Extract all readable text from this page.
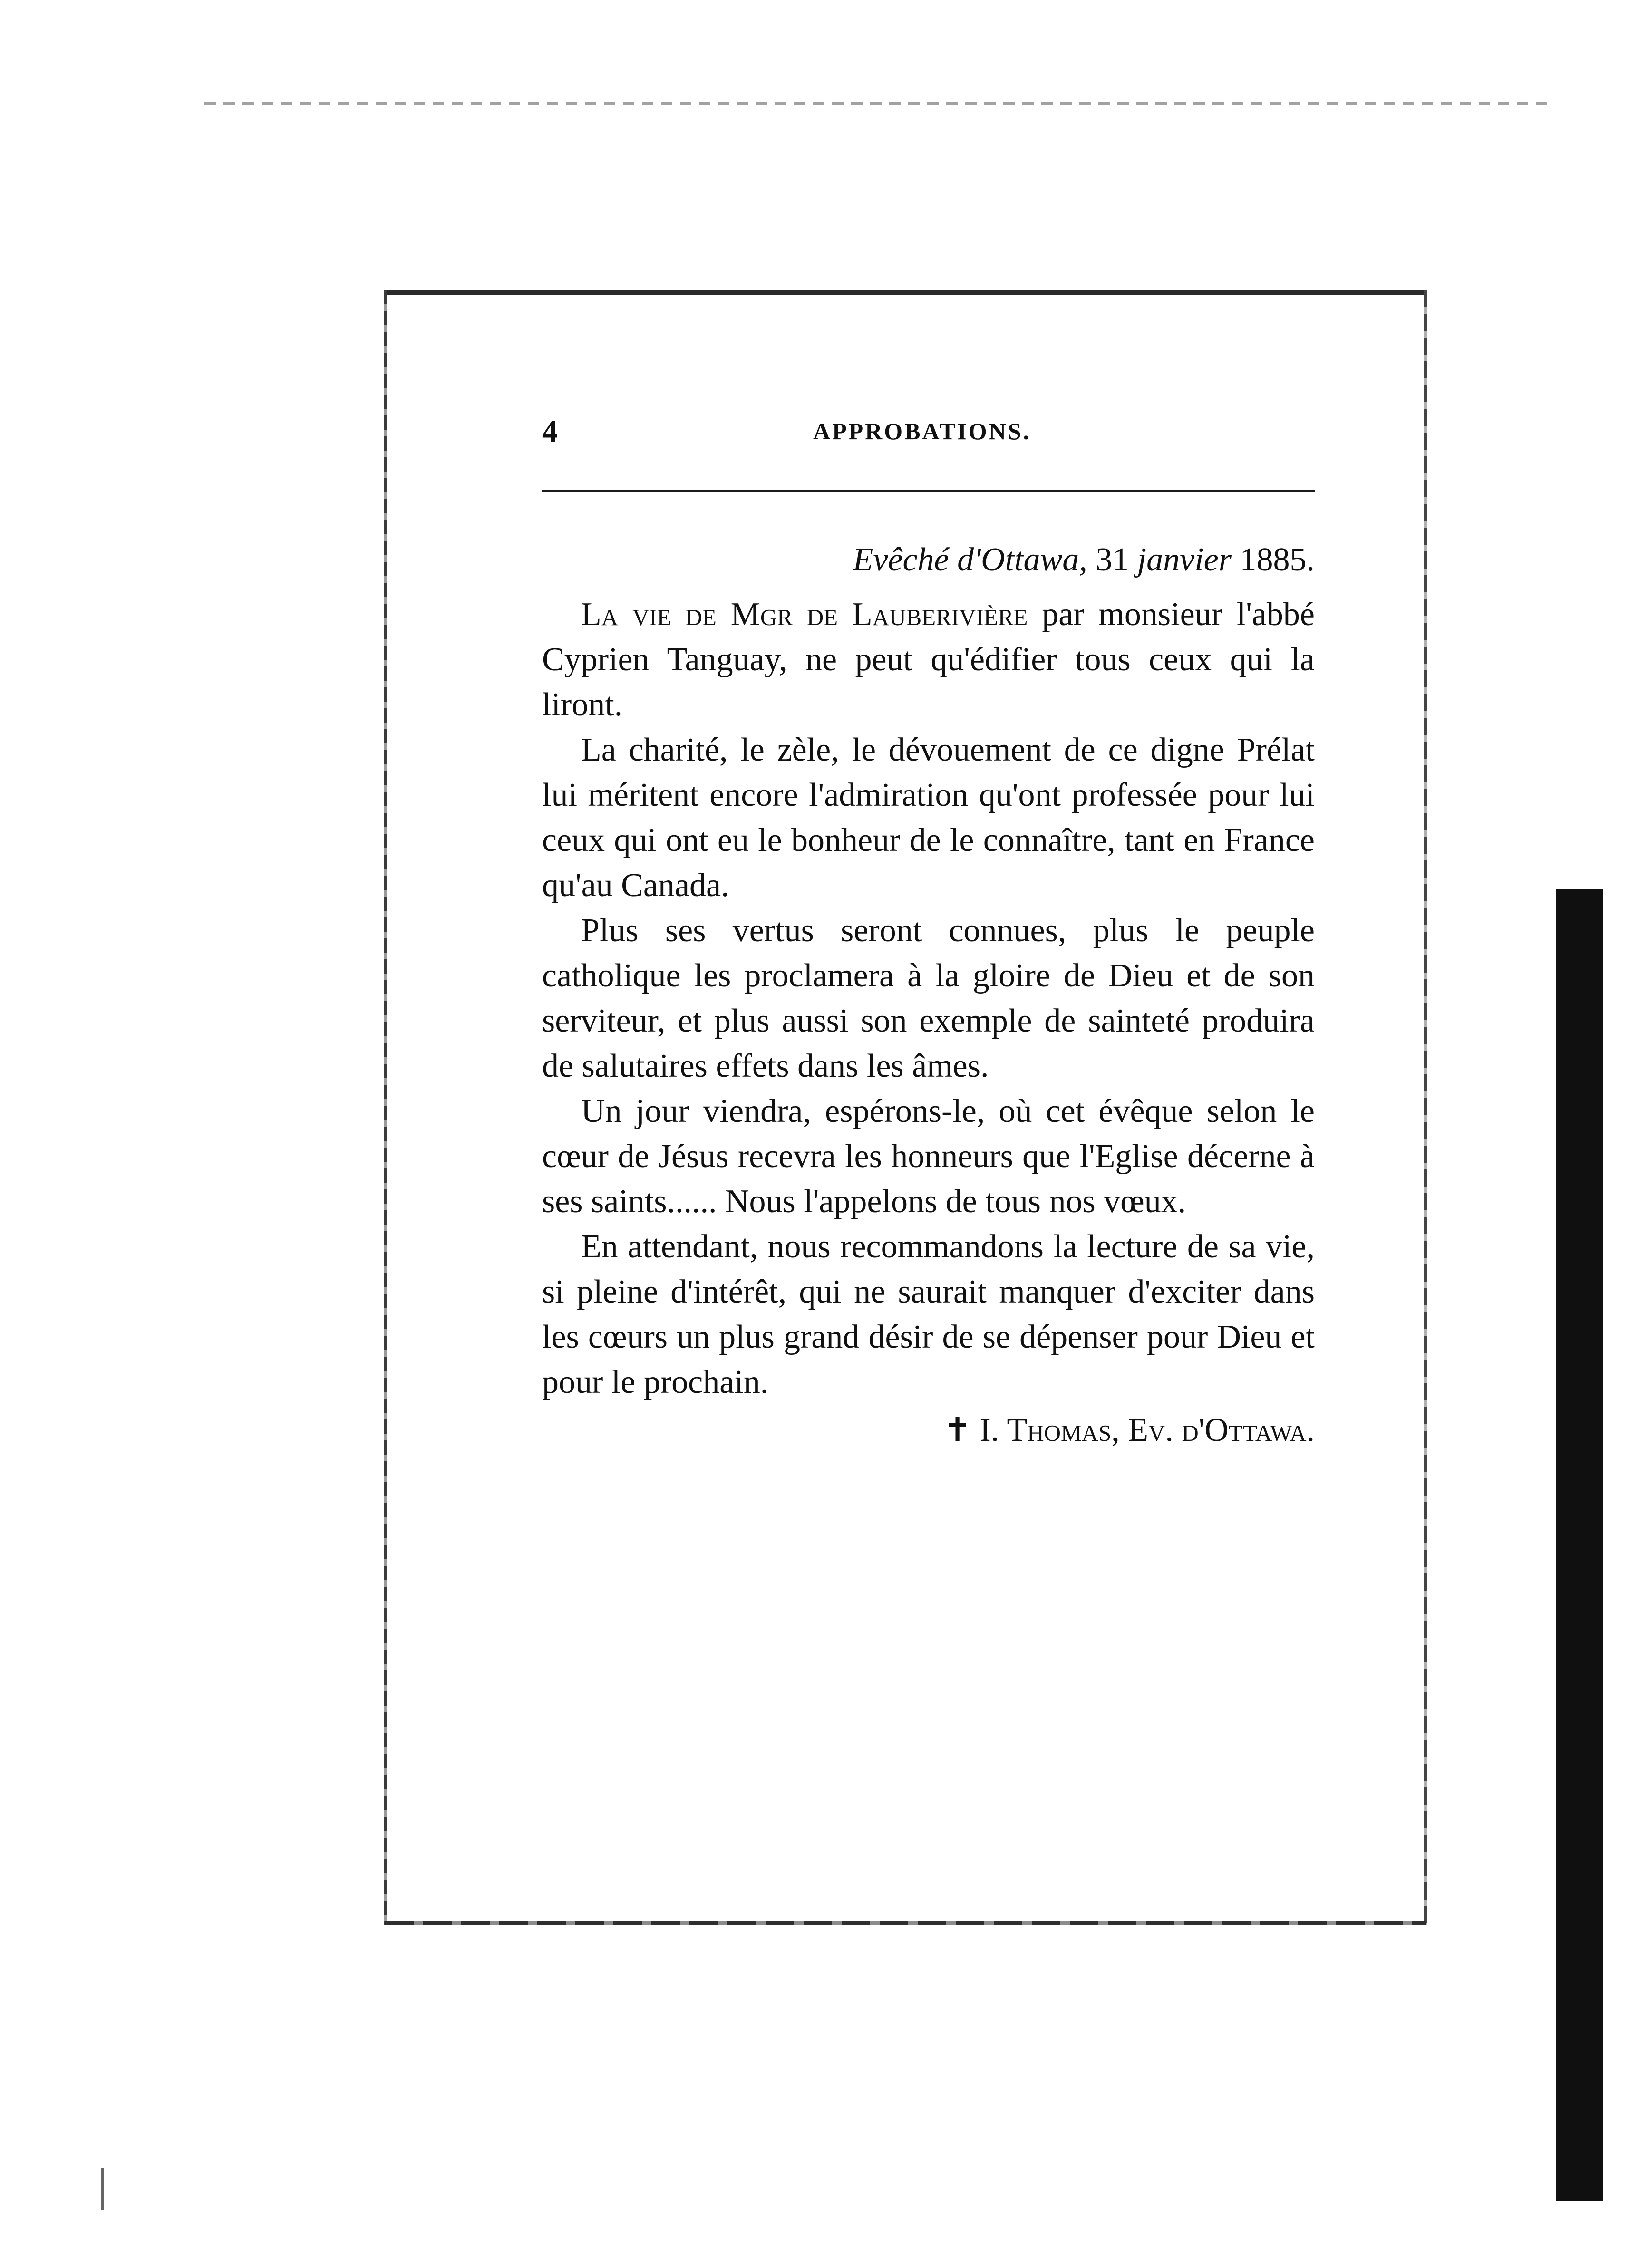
4	APPROBATIONS.
Evêché d'Ottawa, 31 janvier 1885.

La vie de Mgr de Lauberivière par monsieur l'abbé Cyprien Tanguay, ne peut qu'édifier tous ceux qui la liront.

La charité, le zèle, le dévouement de ce digne Prélat lui méritent encore l'admiration qu'ont professée pour lui ceux qui ont eu le bonheur de le connaître, tant en France qu'au Canada.

Plus ses vertus seront connues, plus le peuple catholique les proclamera à la gloire de Dieu et de son serviteur, et plus aussi son exemple de sainteté produira de salutaires effets dans les âmes.

Un jour viendra, espérons-le, où cet évêque selon le cœur de Jésus recevra les honneurs que l'Eglise décerne à ses saints...... Nous l'appelons de tous nos vœux.

En attendant, nous recommandons la lecture de sa vie, si pleine d'intérêt, qui ne saurait manquer d'exciter dans les cœurs un plus grand désir de se dépenser pour Dieu et pour le prochain.

✝ I. Thomas, Ev. d'Ottawa.
